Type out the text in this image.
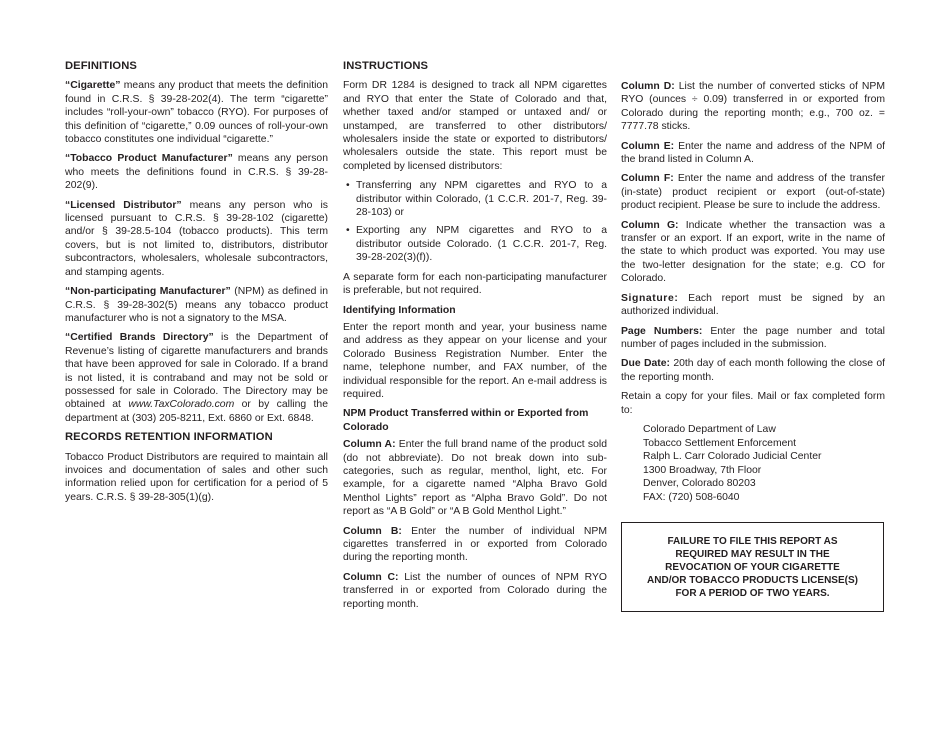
DEFINITIONS

“Cigarette” means any product that meets the definition found in C.R.S. § 39-28-202(4). The term “cigarette” includes “roll-your-own” tobacco (RYO). For purposes of this definition of “cigarette,” 0.09 ounces of roll-your-own tobacco constitutes one individual “cigarette.”

“Tobacco Product Manufacturer” means any person who meets the definitions found in C.R.S. § 39-28-202(9).

“Licensed Distributor” means any person who is licensed pursuant to C.R.S. § 39-28-102 (cigarette) and/or § 39-28.5-104 (tobacco products). This term covers, but is not limited to, distributors, distributor subcontractors, wholesalers, wholesale subcontractors, and stamping agents.

“Non-participating Manufacturer” (NPM) as defined in C.R.S. § 39-28-302(5) means any tobacco product manufacturer who is not a signatory to the MSA.

“Certified Brands Directory” is the Department of Revenue’s listing of cigarette manufacturers and brands that have been approved for sale in Colorado. If a brand is not listed, it is contraband and may not be sold or possessed for sale in Colorado. The Directory may be obtained at www.TaxColorado.com or by calling the department at (303) 205-8211, Ext. 6860 or Ext. 6848.

RECORDS RETENTION INFORMATION

Tobacco Product Distributors are required to maintain all invoices and documentation of sales and other such information relied upon for certification for a period of 5 years. C.R.S. § 39-28-305(1)(g).

INSTRUCTIONS

Form DR 1284 is designed to track all NPM cigarettes and RYO that enter the State of Colorado and that, whether taxed and/or stamped or untaxed and/ or unstamped, are transferred to other distributors/ wholesalers inside the state or exported to distributors/ wholesalers outside the state. This report must be completed by licensed distributors:

• Transferring any NPM cigarettes and RYO to a distributor within Colorado, (1 C.C.R. 201-7, Reg. 39-28-103) or
• Exporting any NPM cigarettes and RYO to a distributor outside Colorado. (1 C.C.R. 201-7, Reg. 39-28-202(3)(f)).

A separate form for each non-participating manufacturer is preferable, but not required.

Identifying Information

Enter the report month and year, your business name and address as they appear on your license and your Colorado Business Registration Number. Enter the name, telephone number, and FAX number, of the individual responsible for the report. An e-mail address is required.

NPM Product Transferred within or Exported from Colorado

Column A: Enter the full brand name of the product sold (do not abbreviate). Do not break down into sub-categories, such as regular, menthol, light, etc. For example, for a cigarette named “Alpha Bravo Gold Menthol Lights” report as “Alpha Bravo Gold”. Do not report as “A B Gold” or “A B Gold Menthol Light.”

Column B: Enter the number of individual NPM cigarettes transferred in or exported from Colorado during the reporting month.

Column C: List the number of ounces of NPM RYO transferred in or exported from Colorado during the reporting month.

Column D: List the number of converted sticks of NPM RYO (ounces ÷ 0.09) transferred in or exported from Colorado during the reporting month; e.g., 700 oz. = 7777.78 sticks.

Column E: Enter the name and address of the NPM of the brand listed in Column A.

Column F: Enter the name and address of the transfer (in-state) product recipient or export (out-of-state) product recipient. Please be sure to include the address.

Column G: Indicate whether the transaction was a transfer or an export. If an export, write in the name of the state to which product was exported. You may use the two-letter designation for the state; e.g. CO for Colorado.

Signature: Each report must be signed by an authorized individual.

Page Numbers: Enter the page number and total number of pages included in the submission.

Due Date: 20th day of each month following the close of the reporting month.

Retain a copy for your files. Mail or fax completed form to:

Colorado Department of Law
Tobacco Settlement Enforcement
Ralph L. Carr Colorado Judicial Center
1300 Broadway, 7th Floor
Denver, Colorado 80203
FAX: (720) 508-6040
FAILURE TO FILE THIS REPORT AS
REQUIRED MAY RESULT IN THE
REVOCATION OF YOUR CIGARETTE
AND/OR TOBACCO PRODUCTS LICENSE(S)
FOR A PERIOD OF TWO YEARS.
